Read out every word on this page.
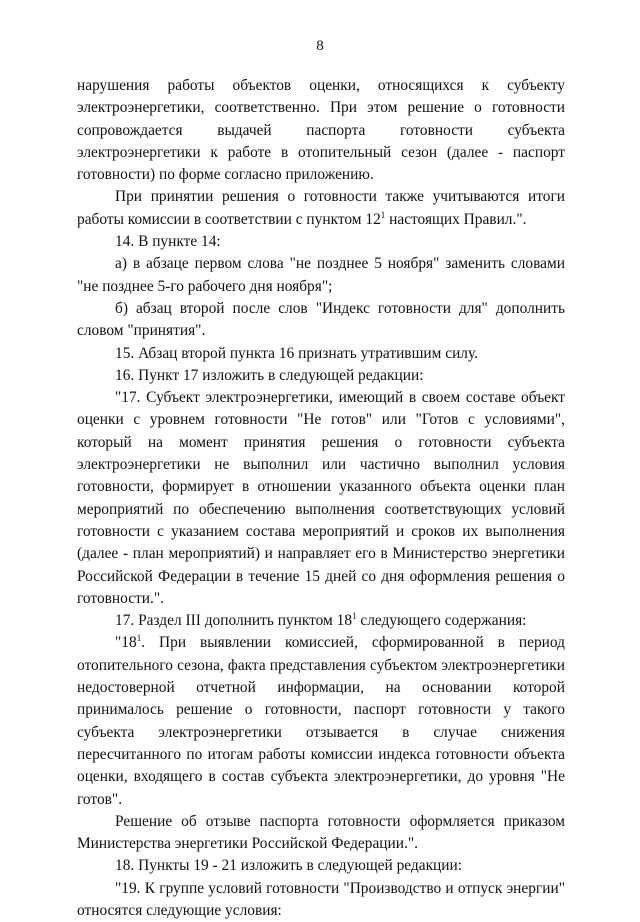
8

нарушения работы объектов оценки, относящихся к субъекту электроэнергетики, соответственно. При этом решение о готовности сопровождается выдачей паспорта готовности субъекта электроэнергетики к работе в отопительный сезон (далее - паспорт готовности) по форме согласно приложению.

При принятии решения о готовности также учитываются итоги работы комиссии в соответствии с пунктом $12^1$ настоящих Правил.".

14. В пункте 14:

а) в абзаце первом слова "не позднее 5 ноября" заменить словами "не позднее 5-го рабочего дня ноября";

б) абзац второй после слов "Индекс готовности для" дополнить словом "принятия".

15. Абзац второй пункта 16 признать утратившим силу.

16. Пункт 17 изложить в следующей редакции:

"17. Субъект электроэнергетики, имеющий в своем составе объект оценки с уровнем готовности "Не готов" или "Готов с условиями", который на момент принятия решения о готовности субъекта электроэнергетики не выполнил или частично выполнил условия готовности, формирует в отношении указанного объекта оценки план мероприятий по обеспечению выполнения соответствующих условий готовности с указанием состава мероприятий и сроков их выполнения (далее - план мероприятий) и направляет его в Министерство энергетики Российской Федерации в течение 15 дней со дня оформления решения о готовности.".

17. Раздел III дополнить пунктом $18^1$ следующего содержания:

"$18^1$. При выявлении комиссией, сформированной в период отопительного сезона, факта представления субъектом электроэнергетики недостоверной отчетной информации, на основании которой принималось решение о готовности, паспорт готовности у такого субъекта электроэнергетики отзывается в случае снижения пересчитанного по итогам работы комиссии индекса готовности объекта оценки, входящего в состав субъекта электроэнергетики, до уровня "Не готов".

Решение об отзыве паспорта готовности оформляется приказом Министерства энергетики Российской Федерации.".

18. Пункты 19 - 21 изложить в следующей редакции:

"19. К группе условий готовности "Производство и отпуск энергии" относятся следующие условия:
